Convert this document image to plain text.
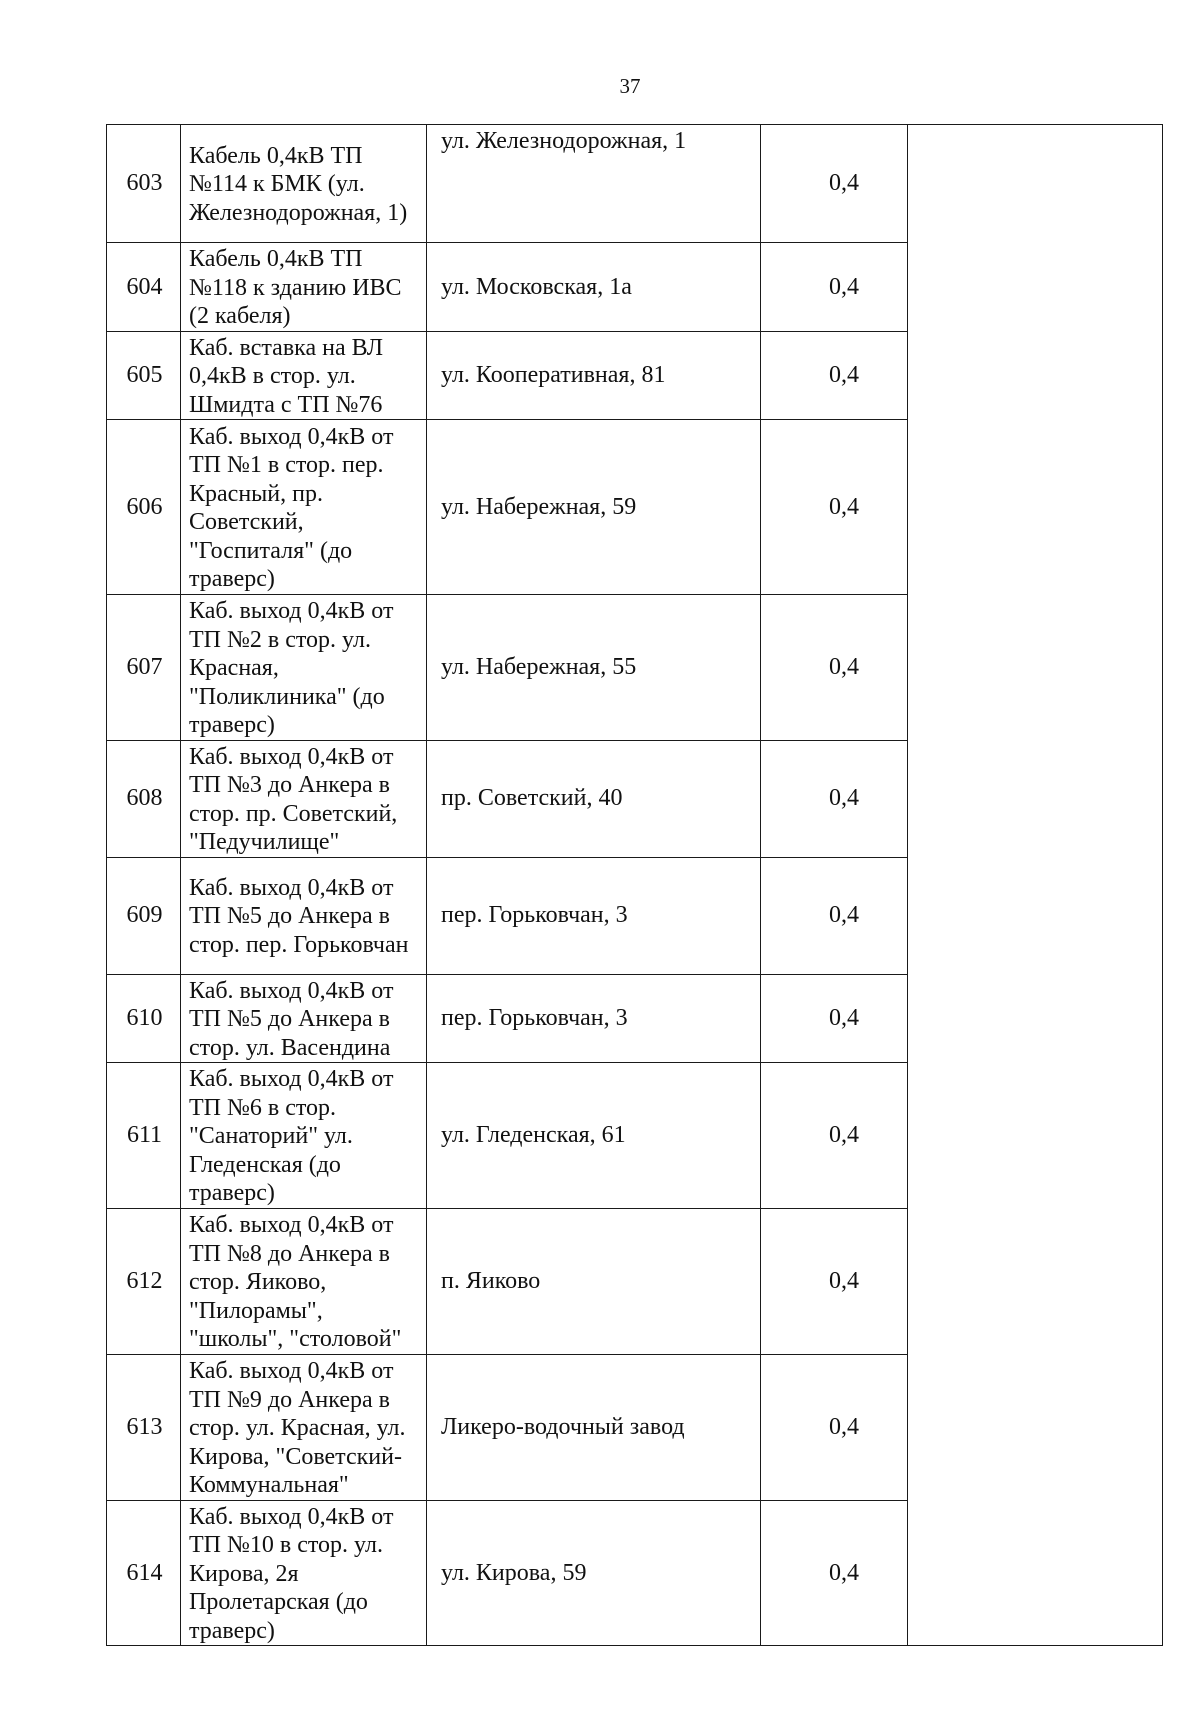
37
603	Кабель 0,4кВ ТП №114 к БМК (ул. Железнодорожная, 1)	ул. Железнодорожная, 1	0,4	
604	Кабель 0,4кВ ТП №118 к зданию ИВС (2 кабеля)	ул. Московская, 1а	0,4	
605	Каб. вставка на ВЛ 0,4кВ в стор. ул. Шмидта с ТП №76	ул. Кооперативная, 81	0,4	
606	Каб. выход 0,4кВ от ТП №1 в стор. пер. Красный, пр. Советский, "Госпиталя" (до траверс)	ул. Набережная, 59	0,4	
607	Каб. выход 0,4кВ от ТП №2 в стор. ул. Красная, "Поликлиника" (до траверс)	ул. Набережная, 55	0,4	
608	Каб. выход 0,4кВ от ТП №3 до Анкера в стор. пр. Советский, "Педучилище"	пр. Советский, 40	0,4	
609	Каб. выход 0,4кВ от ТП №5 до Анкера в стор. пер. Горьковчан	пер. Горьковчан, 3	0,4	
610	Каб. выход 0,4кВ от ТП №5 до Анкера в стор. ул. Васендина	пер. Горьковчан, 3	0,4	
611	Каб. выход 0,4кВ от ТП №6 в стор. "Санаторий" ул. Гледенская (до траверс)	ул. Гледенская, 61	0,4	
612	Каб. выход 0,4кВ от ТП №8 до Анкера в стор. Яиково, "Пилорамы", "школы", "столовой"	п. Яиково	0,4	
613	Каб. выход 0,4кВ от ТП №9 до Анкера в стор. ул. Красная, ул. Кирова, "Советский-Коммунальная"	Ликеро-водочный завод	0,4	
614	Каб. выход 0,4кВ от ТП №10 в стор. ул. Кирова, 2я Пролетарская (до траверс)	ул. Кирова, 59	0,4	
